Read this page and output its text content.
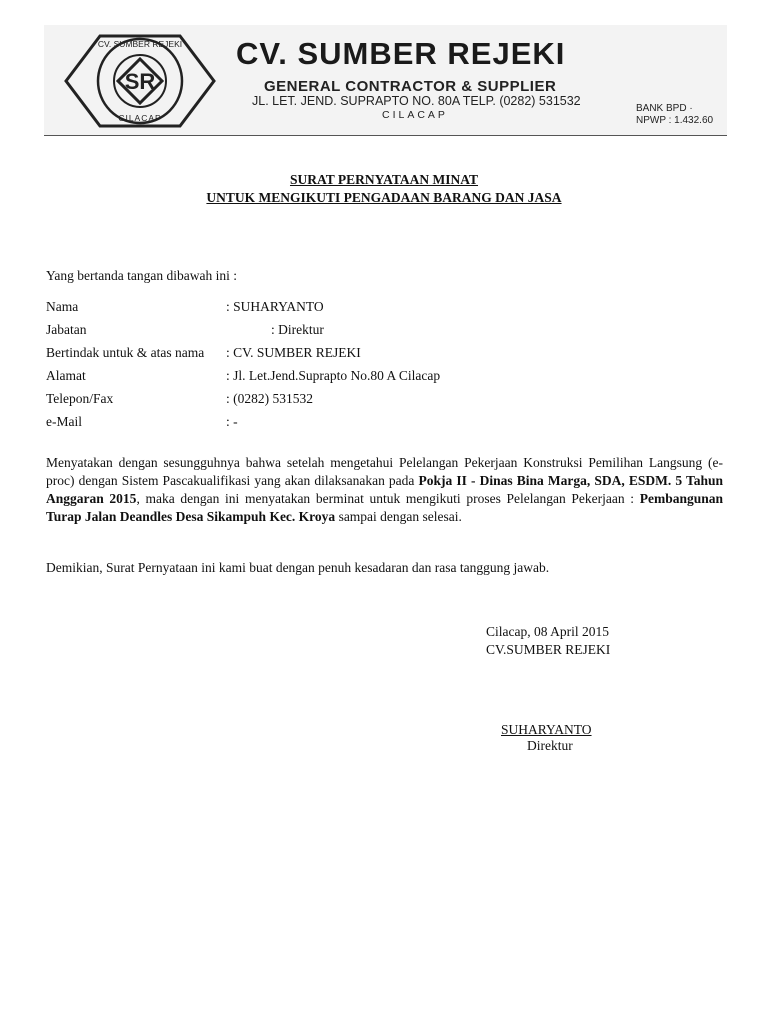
SR
CV. SUMBER REJEKI
CILACAP
CV. SUMBER REJEKI
GENERAL CONTRACTOR & SUPPLIER
JL. LET. JEND. SUPRAPTO NO. 80A TELP. (0282) 531532
CILACAP
BANK BPD ·
NPWP : 1.432.60
SURAT PERNYATAAN MINAT
UNTUK MENGIKUTI PENGADAAN BARANG DAN JASA
Yang bertanda tangan dibawah ini :
Nama	: SUHARYANTO
Jabatan	: Direktur
Bertindak untuk & atas nama : CV. SUMBER REJEKI
Alamat	: Jl. Let.Jend.Suprapto No.80 A Cilacap
Telepon/Fax	: (0282) 531532
e-Mail	: -
Menyatakan dengan sesungguhnya bahwa setelah mengetahui Pelelangan Pekerjaan Konstruksi Pemilihan Langsung (e-proc) dengan Sistem Pascakualifikasi yang akan dilaksanakan pada Pokja II - Dinas Bina Marga, SDA, ESDM. 5 Tahun Anggaran 2015, maka dengan ini menyatakan berminat untuk mengikuti proses Pelelangan Pekerjaan : Pembangunan Turap Jalan Deandles Desa Sikampuh Kec. Kroya sampai dengan selesai.
Demikian, Surat Pernyataan ini kami buat dengan penuh kesadaran dan rasa tanggung jawab.
Cilacap, 08 April 2015
CV.SUMBER REJEKI
SUHARYANTO
Direktur
